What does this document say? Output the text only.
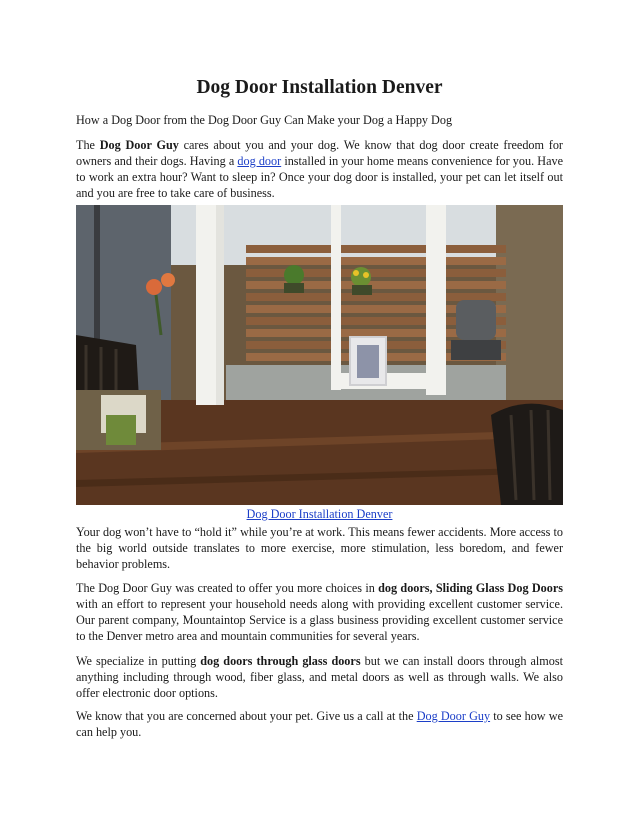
Dog Door Installation Denver

How a Dog Door from the Dog Door Guy Can Make your Dog a Happy Dog

The Dog Door Guy cares about you and your dog. We know that dog door create freedom for owners and their dogs. Having a dog door installed in your home means convenience for you. Have to work an extra hour? Want to sleep in? Once your dog door is installed, your pet can let itself out and you are free to take care of business.

Dog Door Installation Denver

Your dog won’t have to “hold it” while you’re at work. This means fewer accidents. More access to the big world outside translates to more exercise, more stimulation, less boredom, and fewer behavior problems.

The Dog Door Guy was created to offer you more choices in dog doors, Sliding Glass Dog Doors with an effort to represent your household needs along with providing excellent customer service. Our parent company, Mountaintop Service is a glass business providing excellent customer service to the Denver metro area and mountain communities for several years.

We specialize in putting dog doors through glass doors but we can install doors through almost anything including through wood, fiber glass, and metal doors as well as through walls. We also offer electronic door options.

We know that you are concerned about your pet. Give us a call at the Dog Door Guy to see how we can help you.
